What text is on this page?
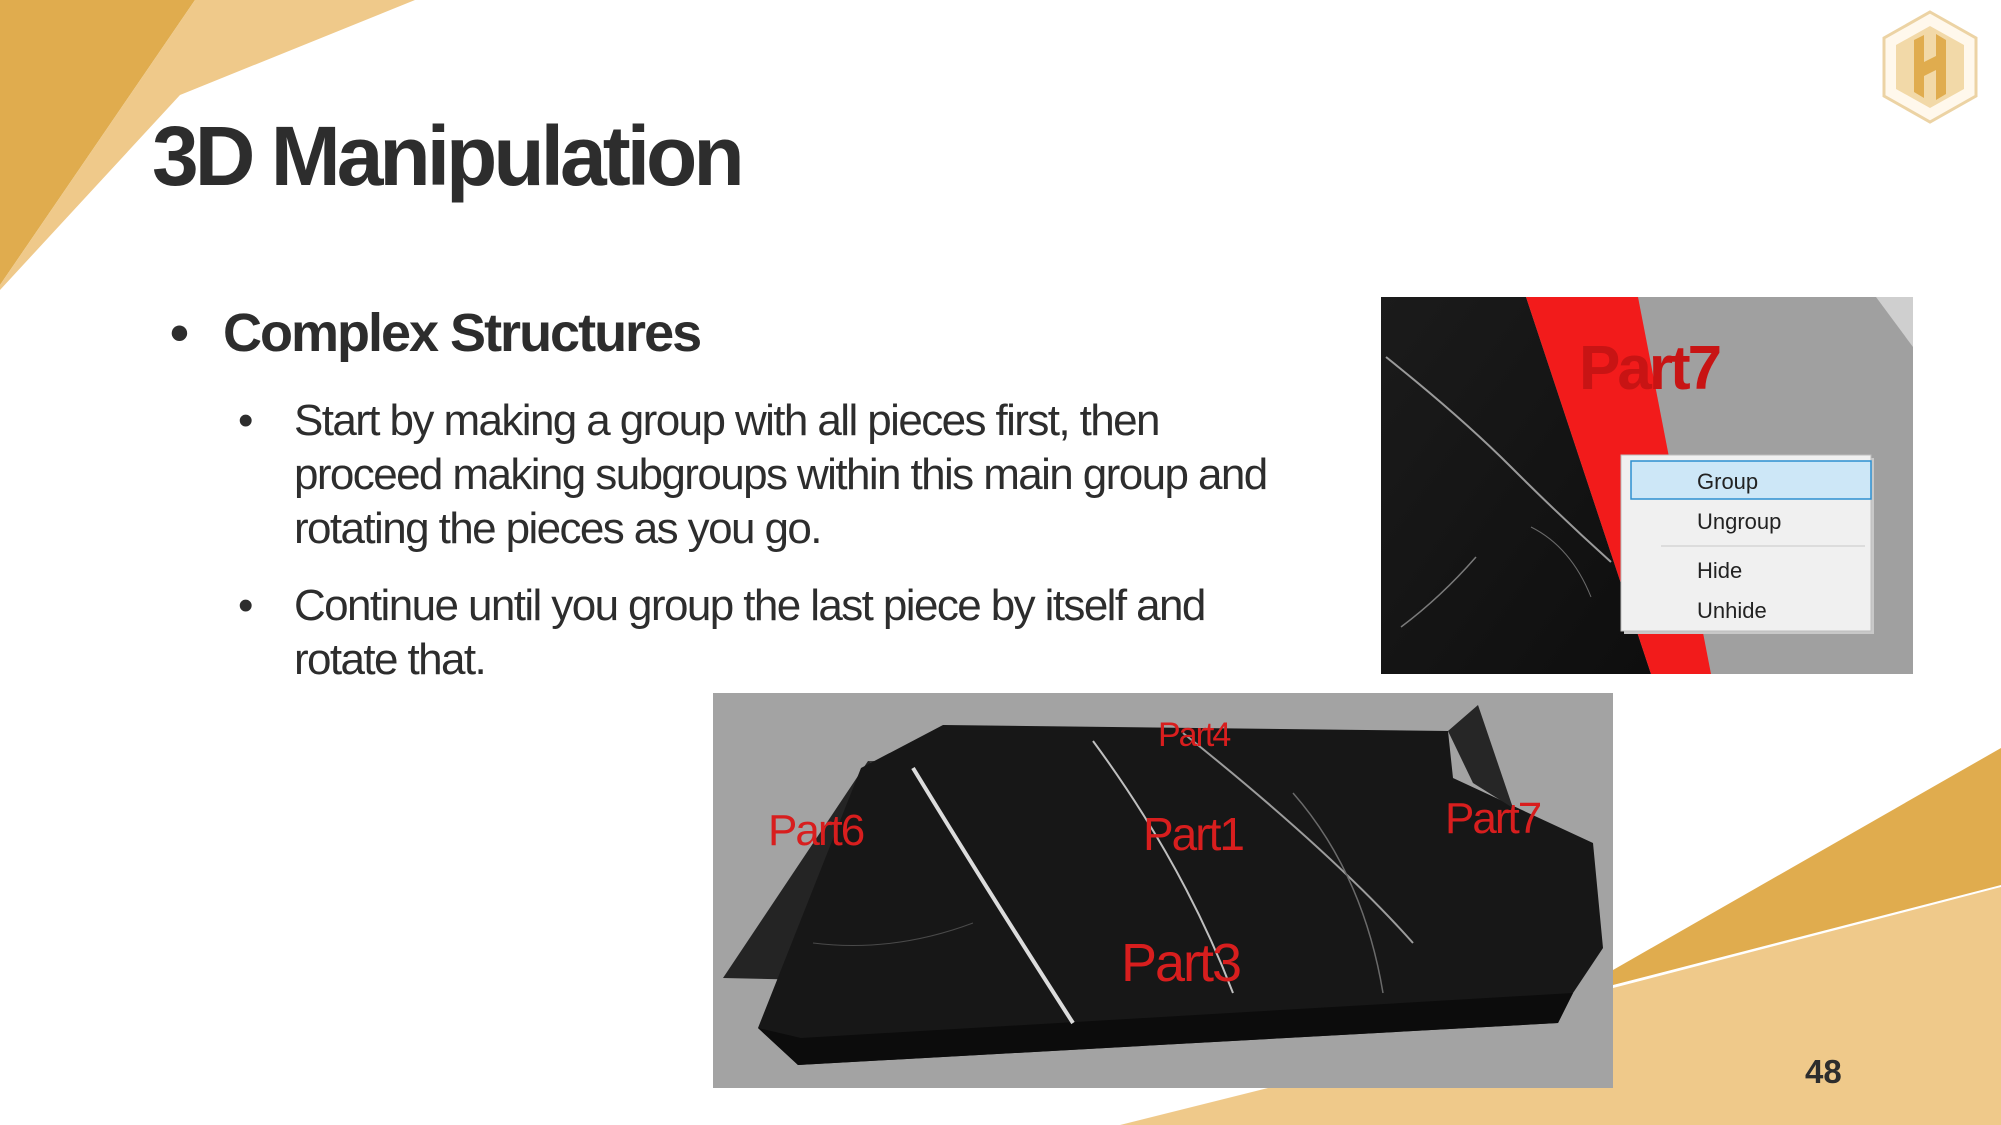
3D Manipulation
• Complex Structures
• Start by making a group with all pieces first, then proceed making subgroups within this main group and rotating the pieces as you go.
• Continue until you group the last piece by itself and rotate that.
Part7
Group
Ungroup
Hide
Unhide
Part4
Part6	Part1	Part7
Part3
48
